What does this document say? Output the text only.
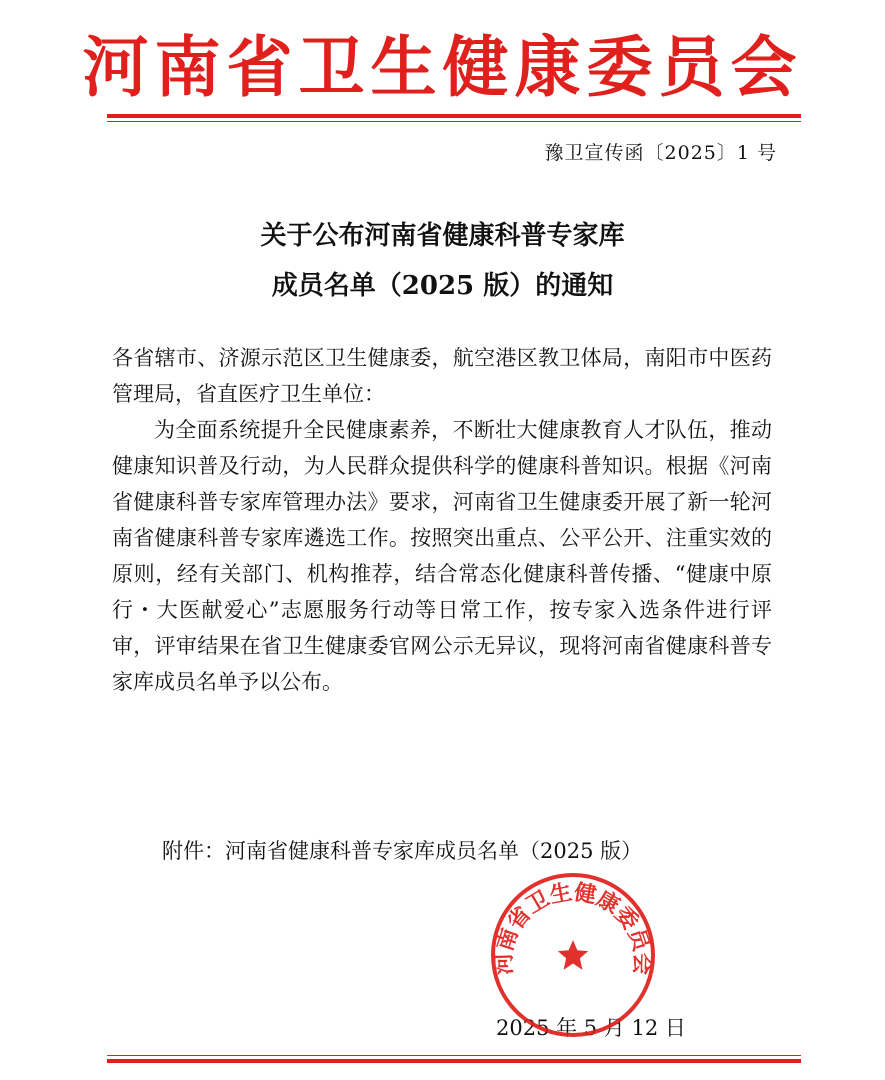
河南省卫生健康委员会
豫卫宣传函〔2025〕1 号
关于公布河南省健康科普专家库
成员名单（2025 版）的通知

各省辖市、济源示范区卫生健康委，航空港区教卫体局，南阳市中医药管理局，省直医疗卫生单位：

为全面系统提升全民健康素养，不断壮大健康教育人才队伍，推动健康知识普及行动，为人民群众提供科学的健康科普知识。根据《河南省健康科普专家库管理办法》要求，河南省卫生健康委开展了新一轮河南省健康科普专家库遴选工作。按照突出重点、公平公开、注重实效的原则，经有关部门、机构推荐，结合常态化健康科普传播、“健康中原行・大医献爱心”志愿服务行动等日常工作，按专家入选条件进行评审，评审结果在省卫生健康委官网公示无异议，现将河南省健康科普专家库成员名单予以公布。

附件：河南省健康科普专家库成员名单（2025 版）
2025 年 5 月 12 日
河南省卫生健康委员会
